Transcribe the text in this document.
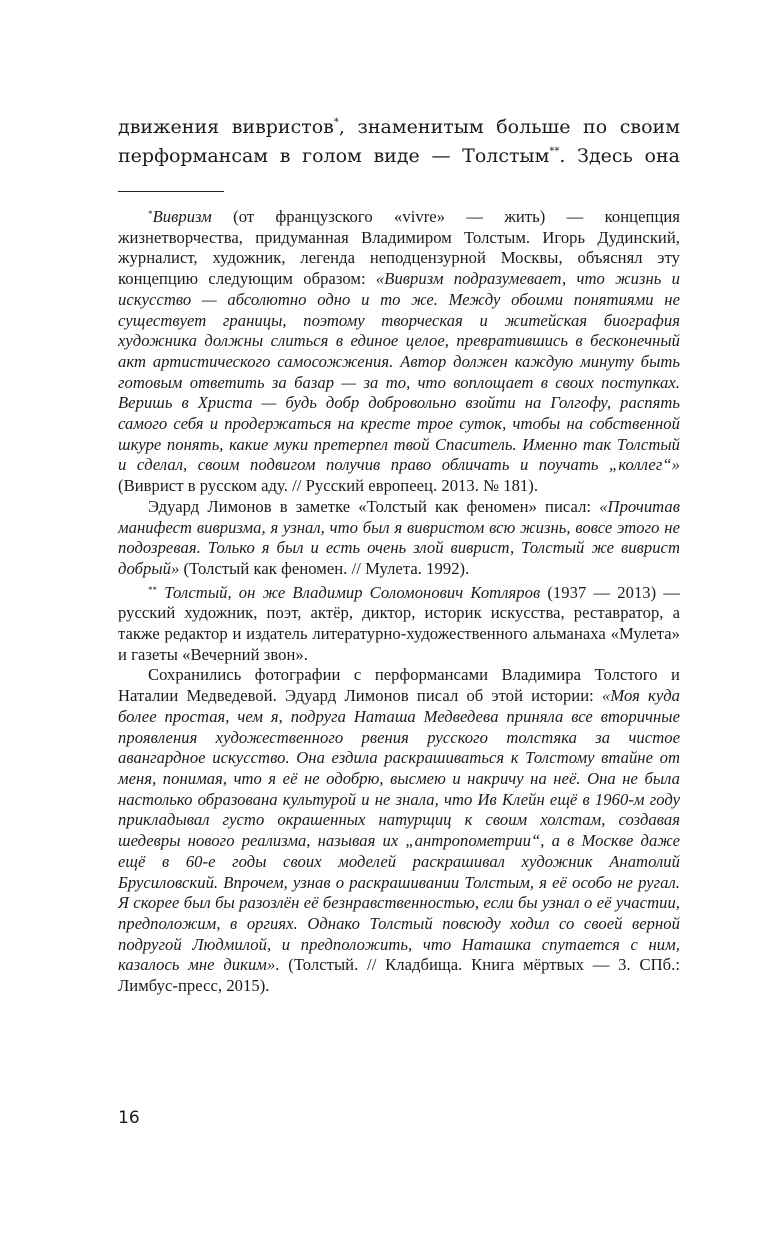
движения вивристов*, знаменитым больше по своим

перформансам в голом виде — Толстым**. Здесь она

*Вивризм (от французского «vivre» — жить) — концепция жизнетворчества, придуманная Владимиром Толстым. Игорь Дудинский, журналист, художник, легенда неподцензурной Москвы, объяснял эту концепцию следующим образом: «Вивризм подразумевает, что жизнь и искусство — абсолютно одно и то же. Между обоими понятиями не существует границы, поэтому творческая и житейская биография художника должны слиться в единое целое, превратившись в бесконечный акт артистического самосожжения. Автор должен каждую минуту быть готовым ответить за базар — за то, что воплощает в своих поступках. Веришь в Христа — будь добр добровольно взойти на Голгофу, распять самого себя и продержаться на кресте трое суток, чтобы на собственной шкуре понять, какие муки претерпел твой Спаситель. Именно так Толстый и сделал, своим подвигом получив право обличать и поучать „коллег“» (Виврист в русском аду. // Русский европеец. 2013. № 181).

Эдуард Лимонов в заметке «Толстый как феномен» писал: «Прочитав манифест вивризма, я узнал, что был я вивристом всю жизнь, вовсе этого не подозревая. Только я был и есть очень злой виврист, Толстый же виврист добрый» (Толстый как феномен. // Мулета. 1992).

** Толстый, он же Владимир Соломонович Котляров (1937 — 2013) — русский художник, поэт, актёр, диктор, историк искусства, реставратор, а также редактор и издатель литературно-художественного альманаха «Мулета» и газеты «Вечерний звон».

Сохранились фотографии с перформансами Владимира Толстого и Наталии Медведевой. Эдуард Лимонов писал об этой истории: «Моя куда более простая, чем я, подруга Наташа Медведева приняла все вторичные проявления художественного рвения русского толстяка за чистое авангардное искусство. Она ездила раскрашиваться к Толстому втайне от меня, понимая, что я её не одобрю, высмею и накричу на неё. Она не была настолько образована культурой и не знала, что Ив Клейн ещё в 1960-м году прикладывал густо окрашенных натурщиц к своим холстам, создавая шедевры нового реализма, называя их „антропометрии“, а в Москве даже ещё в 60-е годы своих моделей раскрашивал художник Анатолий Брусиловский. Впрочем, узнав о раскрашивании Толстым, я её особо не ругал. Я скорее был бы разозлён её безнравственностью, если бы узнал о её участии, предположим, в оргиях. Однако Толстый повсюду ходил со своей верной подругой Людмилой, и предположить, что Наташка спутается с ним, казалось мне диким». (Толстый. // Кладбища. Книга мёртвых — 3. СПб.: Лимбус-пресс, 2015).

16
